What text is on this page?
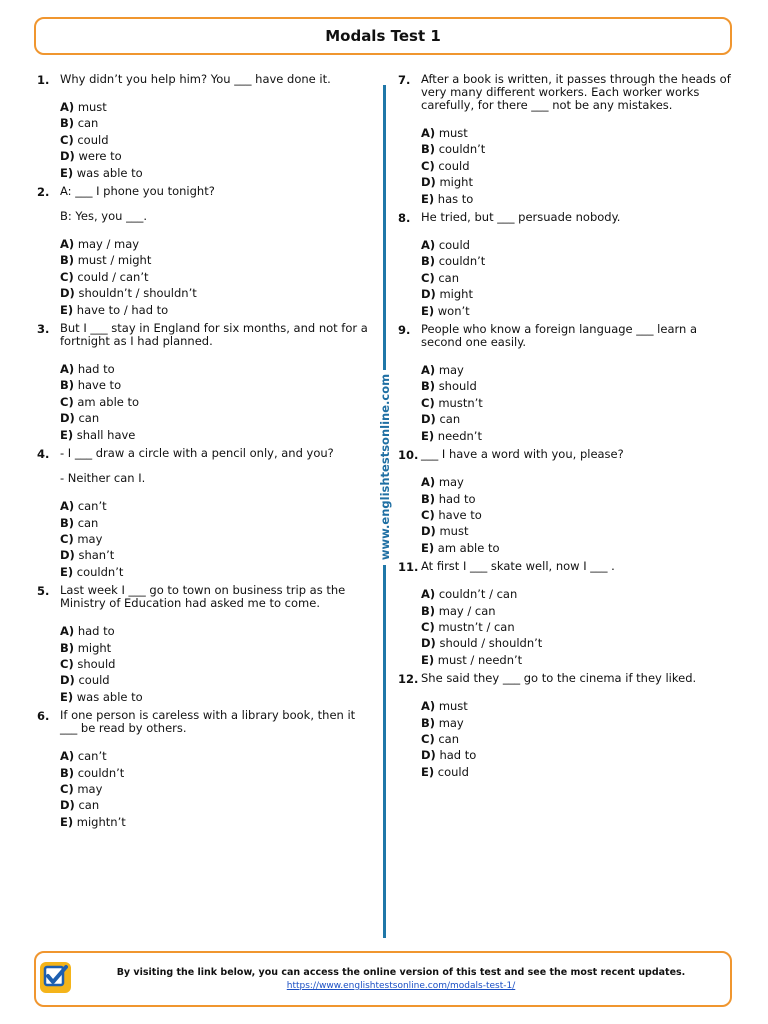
Modals Test 1
1. Why didn’t you help him? You ___ have done it.
A) must
B) can
C) could
D) were to
E) was able to
2. A: ___ I phone you tonight?
B: Yes, you ___.
A) may / may
B) must / might
C) could / can’t
D) shouldn’t / shouldn’t
E) have to / had to
3. But I ___ stay in England for six months, and not for a fortnight as I had planned.
A) had to
B) have to
C) am able to
D) can
E) shall have
4. - I ___ draw a circle with a pencil only, and you?
- Neither can I.
A) can’t
B) can
C) may
D) shan’t
E) couldn’t
5. Last week I ___ go to town on business trip as the Ministry of Education had asked me to come.
A) had to
B) might
C) should
D) could
E) was able to
6. If one person is careless with a library book, then it ___ be read by others.
A) can’t
B) couldn’t
C) may
D) can
E) mightn’t
www.englishtestsonline.com
7. After a book is written, it passes through the heads of very many different workers. Each worker works carefully, for there ___ not be any mistakes.
A) must
B) couldn’t
C) could
D) might
E) has to
8. He tried, but ___ persuade nobody.
A) could
B) couldn’t
C) can
D) might
E) won’t
9. People who know a foreign language ___ learn a second one easily.
A) may
B) should
C) mustn’t
D) can
E) needn’t
10. ___ I have a word with you, please?
A) may
B) had to
C) have to
D) must
E) am able to
11. At first I ___ skate well, now I ___ .
A) couldn’t / can
B) may / can
C) mustn’t / can
D) should / shouldn’t
E) must / needn’t
12. She said they ___ go to the cinema if they liked.
A) must
B) may
C) can
D) had to
E) could
By visiting the link below, you can access the online version of this test and see the most recent updates.
https://www.englishtestsonline.com/modals-test-1/
